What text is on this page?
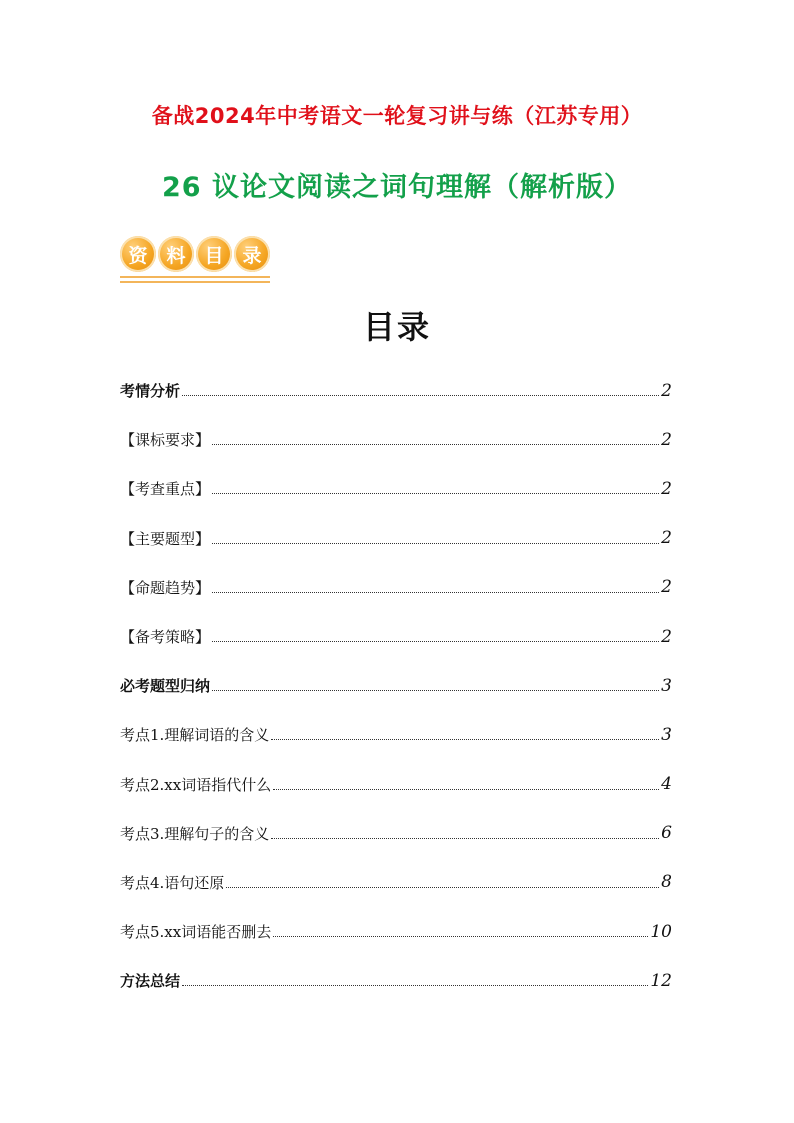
备战2024年中考语文一轮复习讲与练（江苏专用）
26 议论文阅读之词句理解（解析版）
资 料 目 录
目录
考情分析	2
【课标要求】	2
【考查重点】	2
【主要题型】	2
【命题趋势】	2
【备考策略】	2
必考题型归纳	3
考点1.理解词语的含义	3
考点2.xx词语指代什么	4
考点3.理解句子的含义	6
考点4.语句还原	8
考点5.xx词语能否删去	10
方法总结	12
